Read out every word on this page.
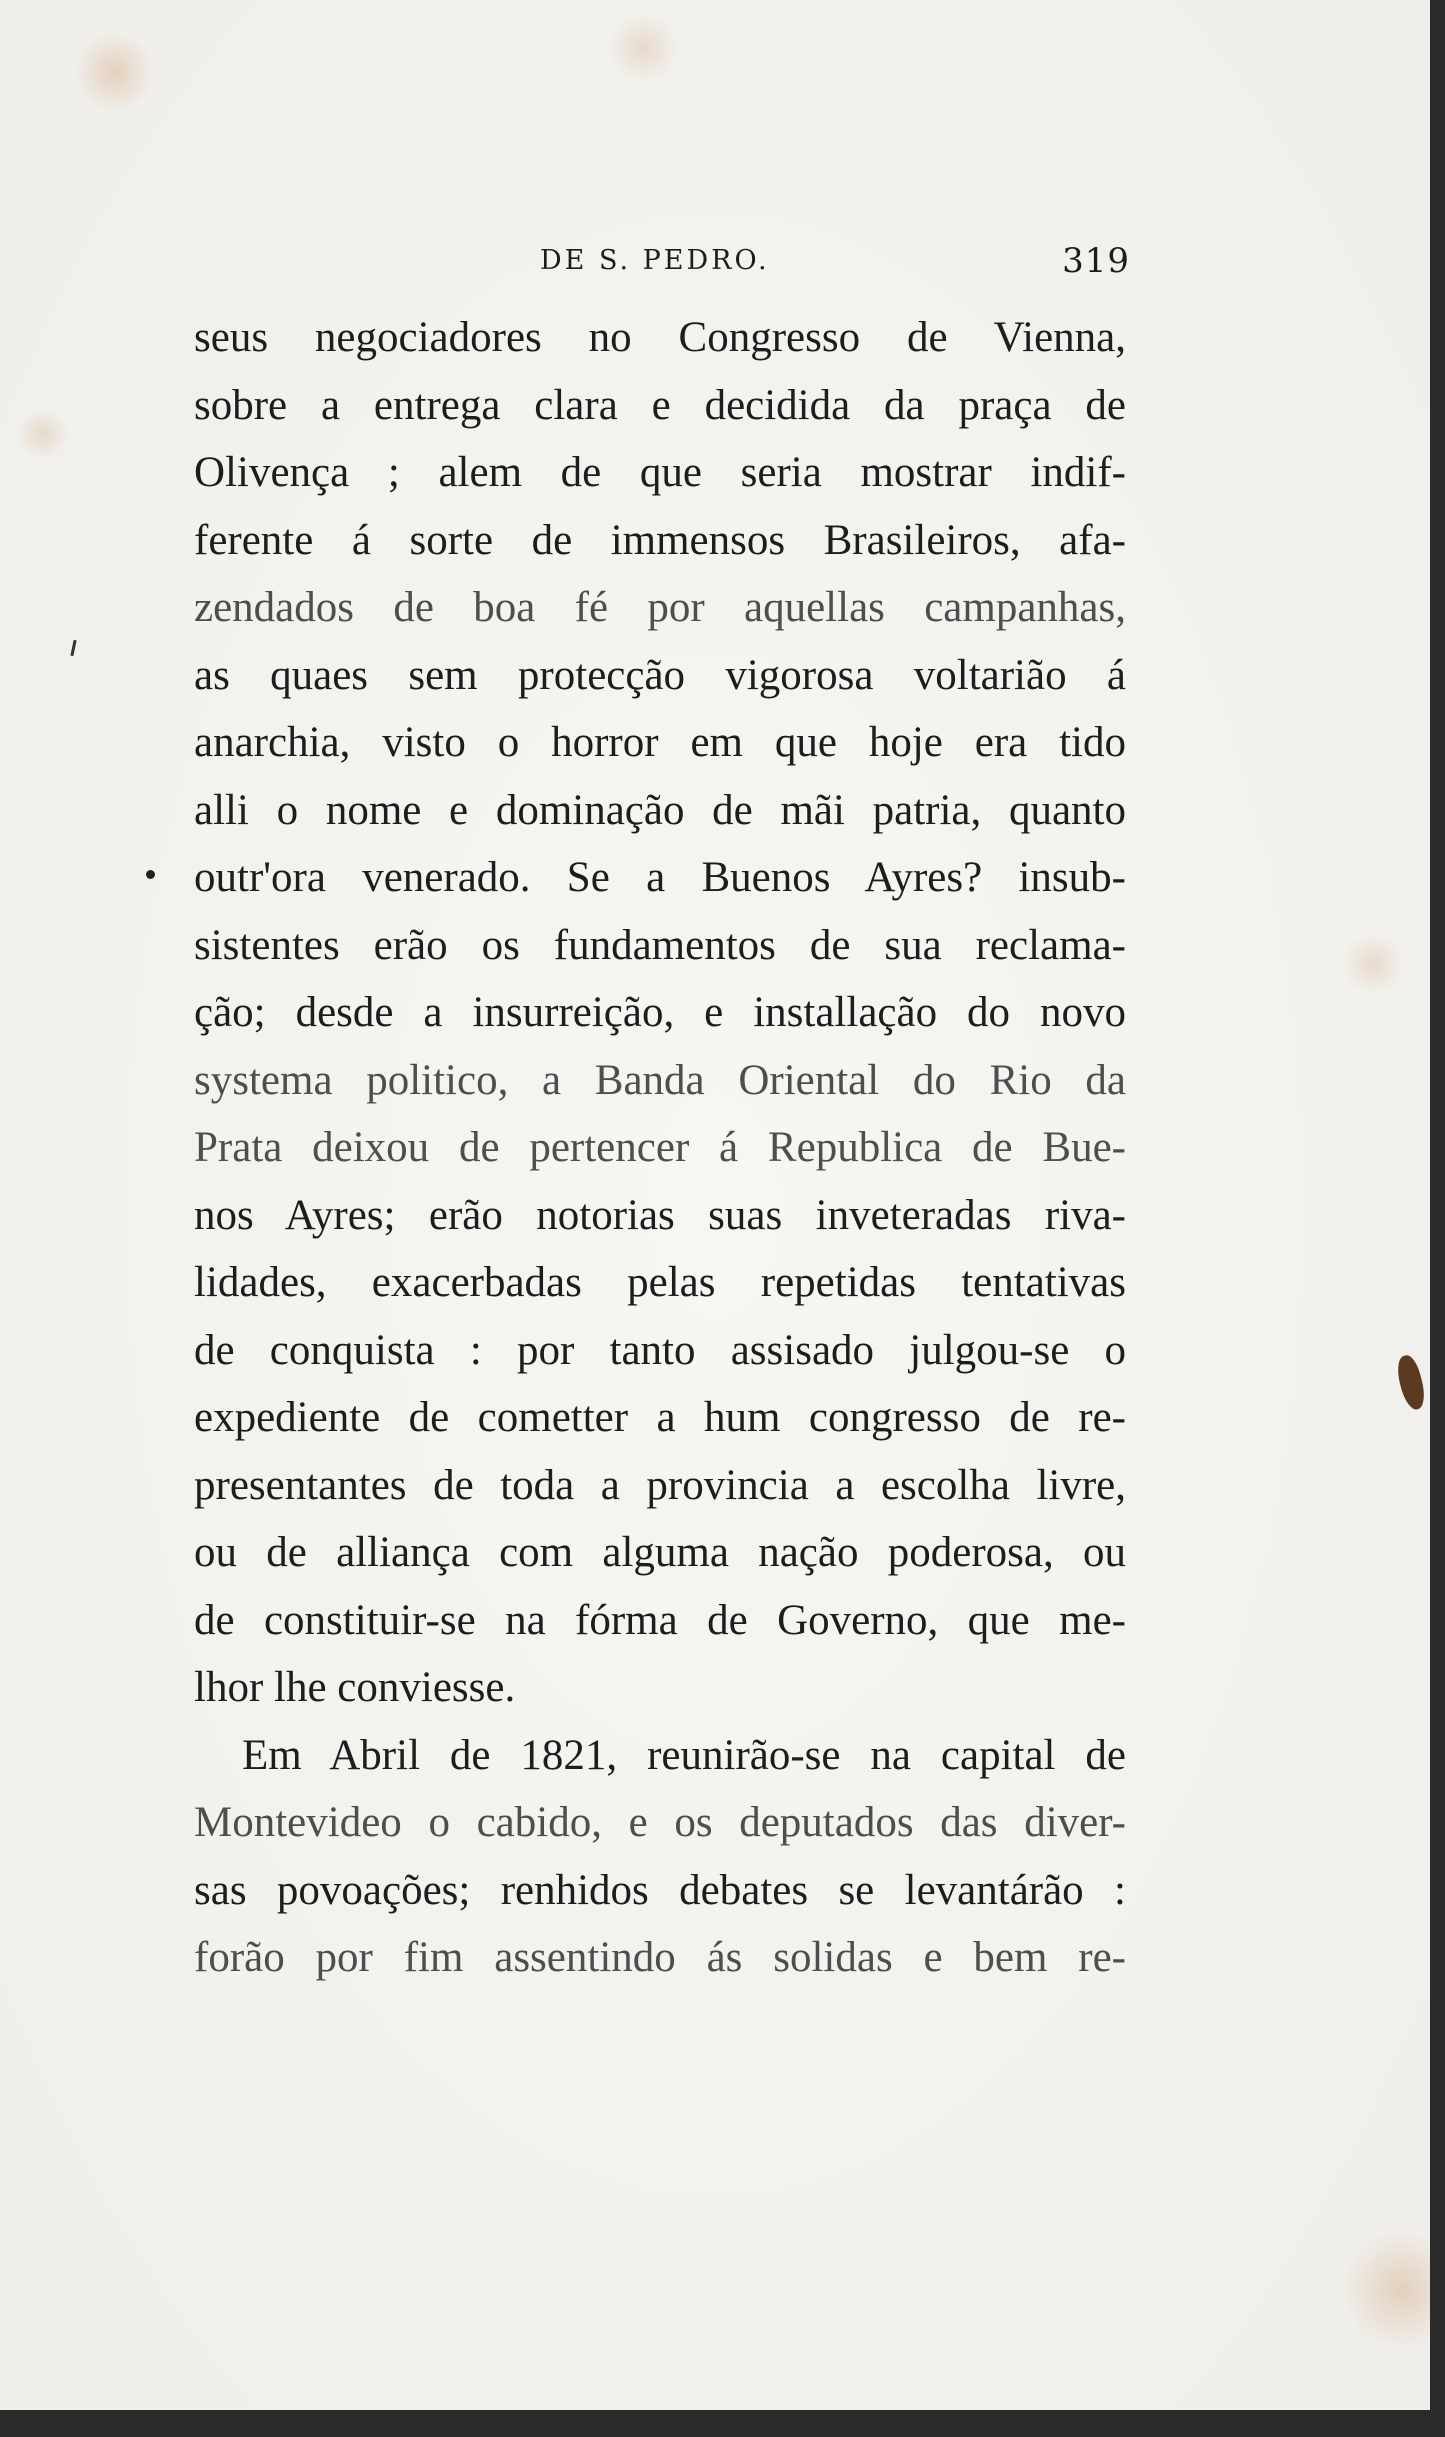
DE S. PEDRO.	319
seus negociadores no Congresso de Vienna,
sobre a entrega clara e decidida da praça de
Olivença ; alem de que seria mostrar indif-
ferente á sorte de immensos Brasileiros, afa-
zendados de boa fé por aquellas campanhas,
as quaes sem protecção vigorosa voltarião á
anarchia, visto o horror em que hoje era tido
alli o nome e dominação de mãi patria, quanto
outr'ora venerado. Se a Buenos Ayres? insub-
sistentes erão os fundamentos de sua reclama-
ção; desde a insurreição, e installação do novo
systema politico, a Banda Oriental do Rio da
Prata deixou de pertencer á Republica de Bue-
nos Ayres; erão notorias suas inveteradas riva-
lidades, exacerbadas pelas repetidas tentativas
de conquista : por tanto assisado julgou-se o
expediente de cometter a hum congresso de re-
presentantes de toda a provincia a escolha livre,
ou de alliança com alguma nação poderosa, ou
de constituir-se na fórma de Governo, que me-
lhor lhe conviesse.
Em Abril de 1821, reunirão-se na capital de
Montevideo o cabido, e os deputados das diver-
sas povoações; renhidos debates se levantárão :
forão por fim assentindo ás solidas e bem re-
